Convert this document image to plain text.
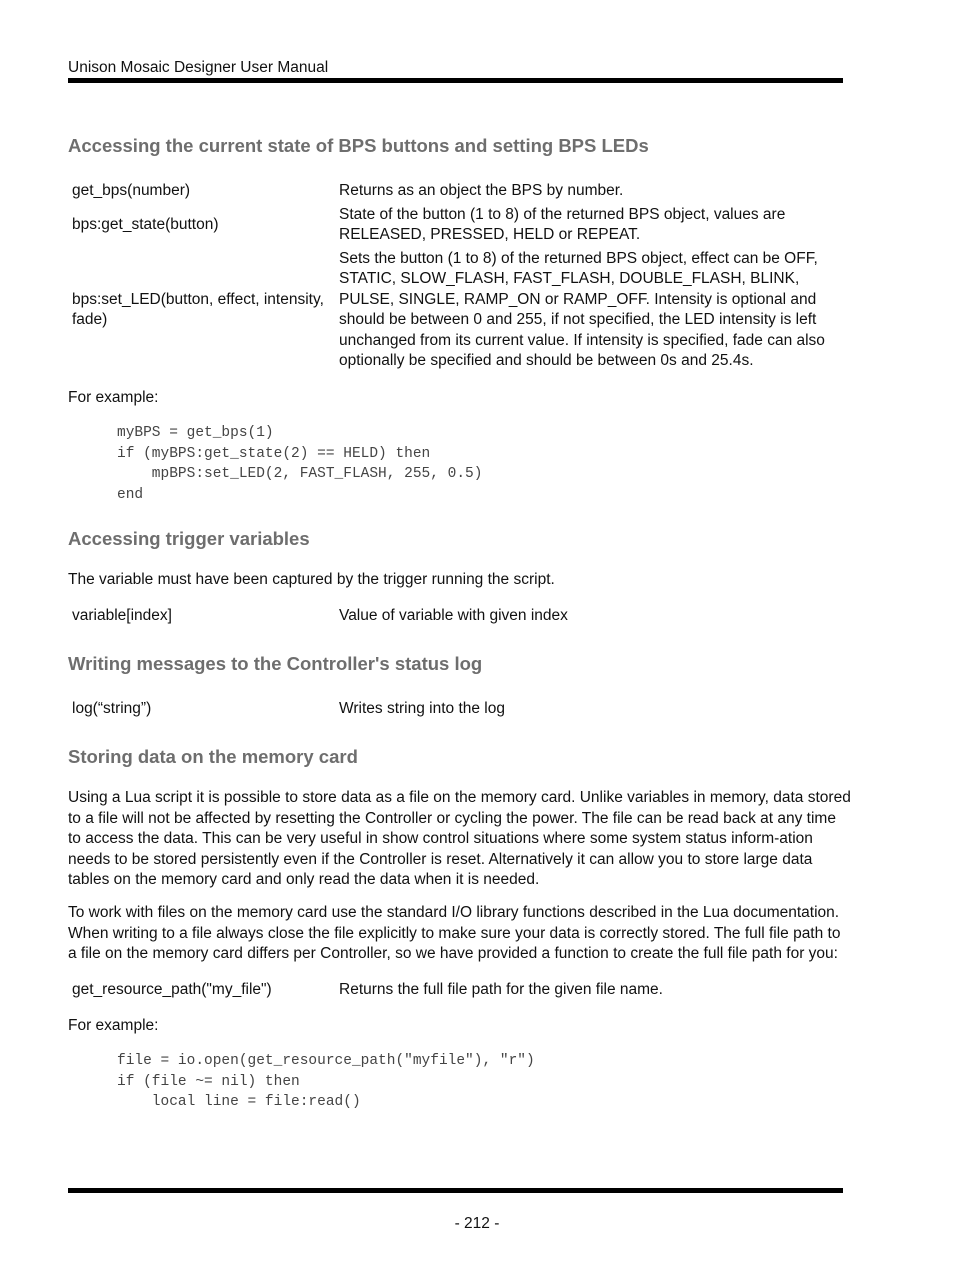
Unison Mosaic Designer User Manual
Accessing the current state of BPS buttons and setting BPS LEDs
get_bps(number)	Returns as an object the BPS by number.
bps:get_state(button)	State of the button (1 to 8) of the returned BPS object, values are RELEASED, PRESSED, HELD or REPEAT.
bps:set_LED(button, effect, intensity, fade)	Sets the button (1 to 8) of the returned BPS object, effect can be OFF, STATIC, SLOW_FLASH, FAST_FLASH, DOUBLE_FLASH, BLINK, PULSE, SINGLE, RAMP_ON or RAMP_OFF. Intensity is optional and should be between 0 and 255, if not specified, the LED intensity is left unchanged from its current value. If intensity is specified, fade can also optionally be specified and should be between 0s and 25.4s.

For example:

myBPS = get_bps(1)
if (myBPS:get_state(2) == HELD) then
mpBPS:set_LED(2, FAST_FLASH, 255, 0.5)
end
Accessing trigger variables

The variable must have been captured by the trigger running the script.

variable[index]	Value of variable with given index
Writing messages to the Controller's status log
log(“string”)	Writes string into the log
Storing data on the memory card

Using a Lua script it is possible to store data as a file on the memory card. Unlike variables in memory, data stored to a file will not be affected by resetting the Controller or cycling the power. The file can be read back at any time to access the data. This can be very useful in show control situations where some system status inform-ation needs to be stored persistently even if the Controller is reset. Alternatively it can allow you to store large data tables on the memory card and only read the data when it is needed.

To work with files on the memory card use the standard I/O library functions described in the Lua documentation. When writing to a file always close the file explicitly to make sure your data is correctly stored. The full file path to a file on the memory card differs per Controller, so we have provided a function to create the full file path for you:

get_resource_path("my_file")	Returns the full file path for the given file name.

For example:

file = io.open(get_resource_path("myfile"), "r")
if (file ~= nil) then
local line = file:read()
- 212 -
